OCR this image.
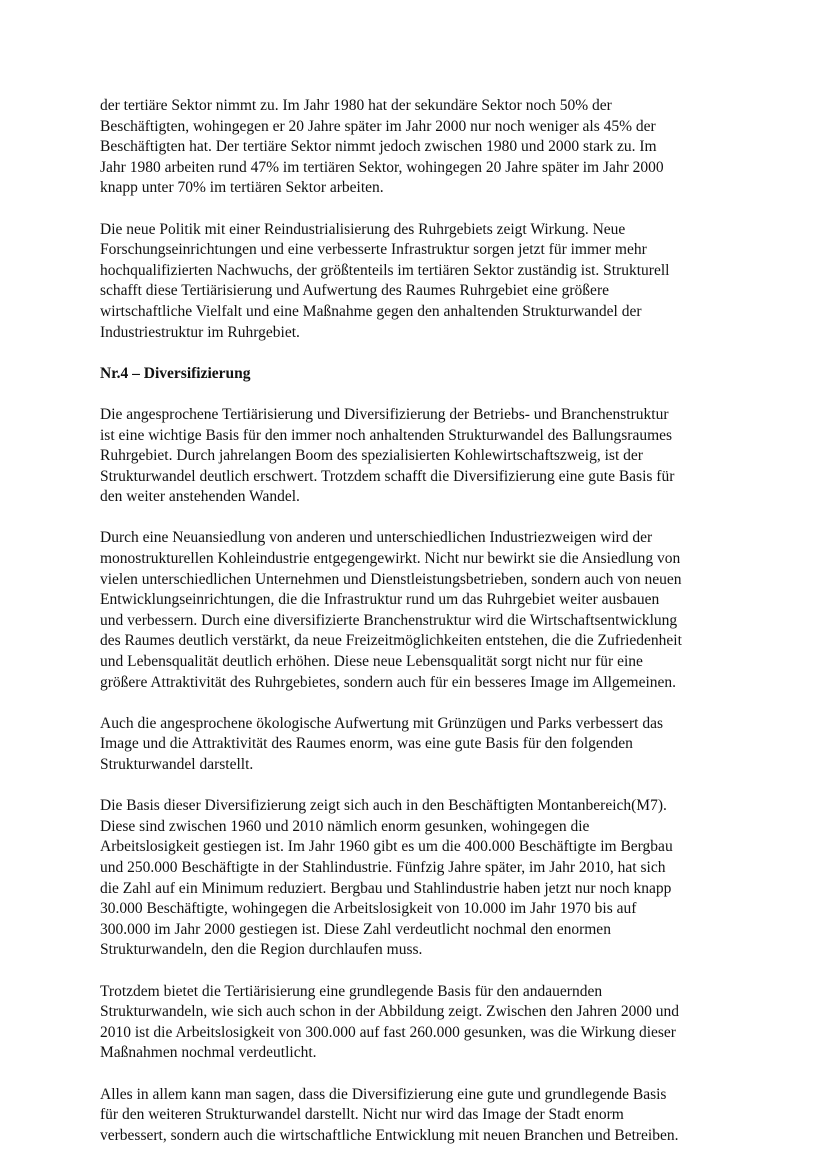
der tertiäre Sektor nimmt zu. Im Jahr 1980 hat der sekundäre Sektor noch 50% der
Beschäftigten, wohingegen er 20 Jahre später im Jahr 2000 nur noch weniger als 45% der
Beschäftigten hat. Der tertiäre Sektor nimmt jedoch zwischen 1980 und 2000 stark zu. Im
Jahr 1980 arbeiten rund 47% im tertiären Sektor, wohingegen 20 Jahre später im Jahr 2000
knapp unter 70% im tertiären Sektor arbeiten.
Die neue Politik mit einer Reindustrialisierung des Ruhrgebiets zeigt Wirkung. Neue
Forschungseinrichtungen und eine verbesserte Infrastruktur sorgen jetzt für immer mehr
hochqualifizierten Nachwuchs, der größtenteils im tertiären Sektor zuständig ist. Strukturell
schafft diese Tertiärisierung und Aufwertung des Raumes Ruhrgebiet eine größere
wirtschaftliche Vielfalt und eine Maßnahme gegen den anhaltenden Strukturwandel der
Industriestruktur im Ruhrgebiet.
Nr.4 – Diversifizierung
Die angesprochene Tertiärisierung und Diversifizierung der Betriebs- und Branchenstruktur
ist eine wichtige Basis für den immer noch anhaltenden Strukturwandel des Ballungsraumes
Ruhrgebiet. Durch jahrelangen Boom des spezialisierten Kohlewirtschaftszweig, ist der
Strukturwandel deutlich erschwert. Trotzdem schafft die Diversifizierung eine gute Basis für
den weiter anstehenden Wandel.
Durch eine Neuansiedlung von anderen und unterschiedlichen Industriezweigen wird der
monostrukturellen Kohleindustrie entgegengewirkt. Nicht nur bewirkt sie die Ansiedlung von
vielen unterschiedlichen Unternehmen und Dienstleistungsbetrieben, sondern auch von neuen
Entwicklungseinrichtungen, die die Infrastruktur rund um das Ruhrgebiet weiter ausbauen
und verbessern. Durch eine diversifizierte Branchenstruktur wird die Wirtschaftsentwicklung
des Raumes deutlich verstärkt, da neue Freizeitmöglichkeiten entstehen, die die Zufriedenheit
und Lebensqualität deutlich erhöhen. Diese neue Lebensqualität sorgt nicht nur für eine
größere Attraktivität des Ruhrgebietes, sondern auch für ein besseres Image im Allgemeinen.
Auch die angesprochene ökologische Aufwertung mit Grünzügen und Parks verbessert das
Image und die Attraktivität des Raumes enorm, was eine gute Basis für den folgenden
Strukturwandel darstellt.
Die Basis dieser Diversifizierung zeigt sich auch in den Beschäftigten Montanbereich(M7).
Diese sind zwischen 1960 und 2010 nämlich enorm gesunken, wohingegen die
Arbeitslosigkeit gestiegen ist. Im Jahr 1960 gibt es um die 400.000 Beschäftigte im Bergbau
und 250.000 Beschäftigte in der Stahlindustrie. Fünfzig Jahre später, im Jahr 2010, hat sich
die Zahl auf ein Minimum reduziert. Bergbau und Stahlindustrie haben jetzt nur noch knapp
30.000 Beschäftigte, wohingegen die Arbeitslosigkeit von 10.000 im Jahr 1970 bis auf
300.000 im Jahr 2000 gestiegen ist. Diese Zahl verdeutlicht nochmal den enormen
Strukturwandeln, den die Region durchlaufen muss.
Trotzdem bietet die Tertiärisierung eine grundlegende Basis für den andauernden
Strukturwandeln, wie sich auch schon in der Abbildung zeigt. Zwischen den Jahren 2000 und
2010 ist die Arbeitslosigkeit von 300.000 auf fast 260.000 gesunken, was die Wirkung dieser
Maßnahmen nochmal verdeutlicht.
Alles in allem kann man sagen, dass die Diversifizierung eine gute und grundlegende Basis
für den weiteren Strukturwandel darstellt. Nicht nur wird das Image der Stadt enorm
verbessert, sondern auch die wirtschaftliche Entwicklung mit neuen Branchen und Betreiben.
